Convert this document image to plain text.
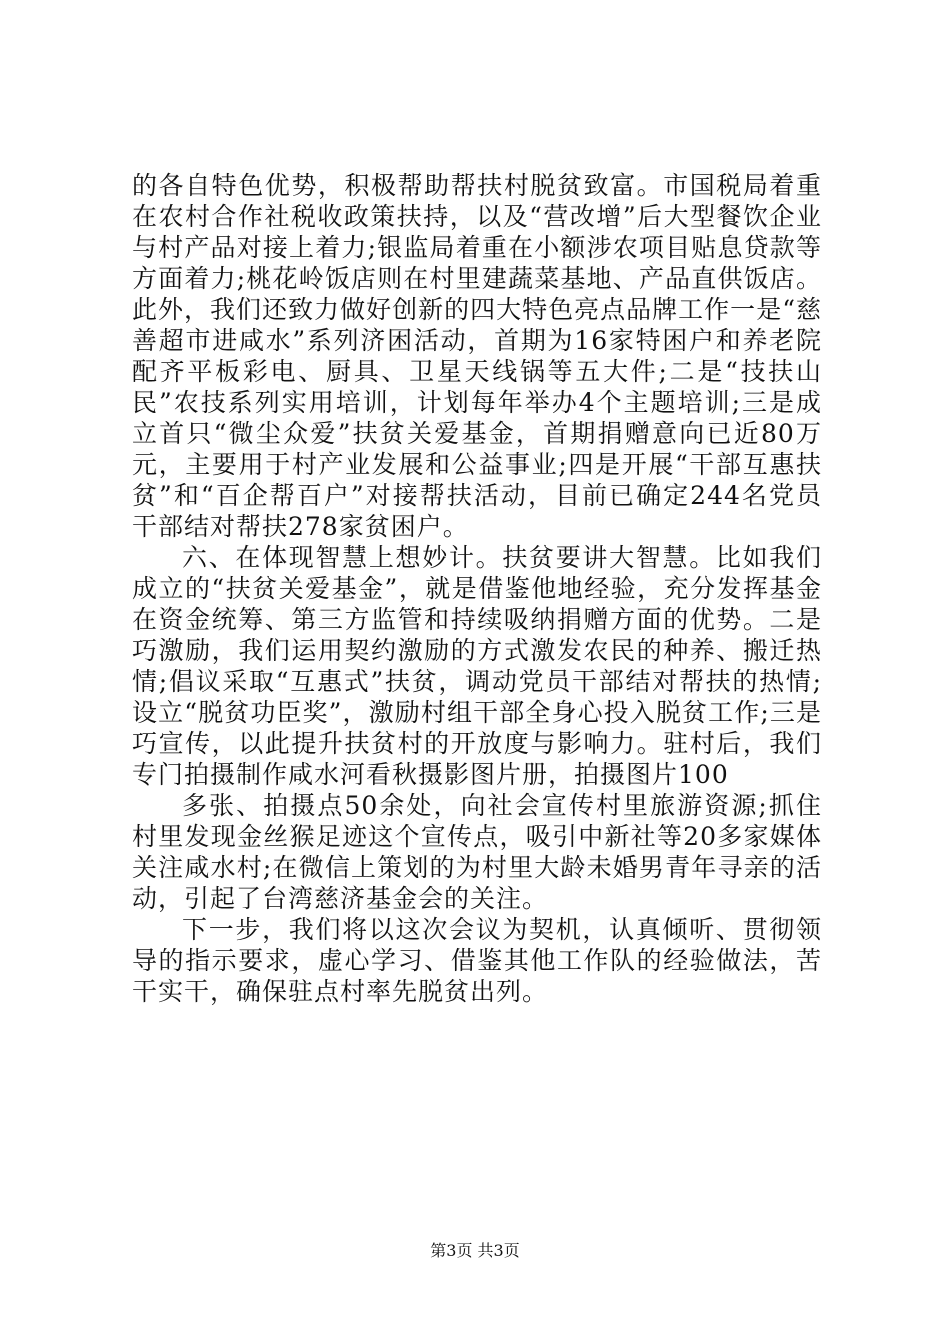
的各自特色优势，积极帮助帮扶村脱贫致富。市国税局着重在农村合作社税收政策扶持，以及“营改增”后大型餐饮企业与村产品对接上着力;银监局着重在小额涉农项目贴息贷款等方面着力;桃花岭饭店则在村里建蔬菜基地、产品直供饭店。此外，我们还致力做好创新的四大特色亮点品牌工作一是“慈善超市进咸水”系列济困活动，首期为16家特困户和养老院配齐平板彩电、厨具、卫星天线锅等五大件;二是“技扶山民”农技系列实用培训，计划每年举办4个主题培训;三是成立首只“微尘众爱”扶贫关爱基金，首期捐赠意向已近80万元，主要用于村产业发展和公益事业;四是开展“干部互惠扶贫”和“百企帮百户”对接帮扶活动，目前已确定244名党员干部结对帮扶278家贫困户。

六、在体现智慧上想妙计。扶贫要讲大智慧。比如我们成立的“扶贫关爱基金”，就是借鉴他地经验，充分发挥基金在资金统筹、第三方监管和持续吸纳捐赠方面的优势。二是巧激励，我们运用契约激励的方式激发农民的种养、搬迁热情;倡议采取“互惠式”扶贫，调动党员干部结对帮扶的热情;设立“脱贫功臣奖”，激励村组干部全身心投入脱贫工作;三是巧宣传，以此提升扶贫村的开放度与影响力。驻村后，我们专门拍摄制作咸水河看秋摄影图片册，拍摄图片100

多张、拍摄点50余处，向社会宣传村里旅游资源;抓住村里发现金丝猴足迹这个宣传点，吸引中新社等20多家媒体关注咸水村;在微信上策划的为村里大龄未婚男青年寻亲的活动，引起了台湾慈济基金会的关注。

下一步，我们将以这次会议为契机，认真倾听、贯彻领导的指示要求，虚心学习、借鉴其他工作队的经验做法，苦干实干，确保驻点村率先脱贫出列。

第3页 共3页
